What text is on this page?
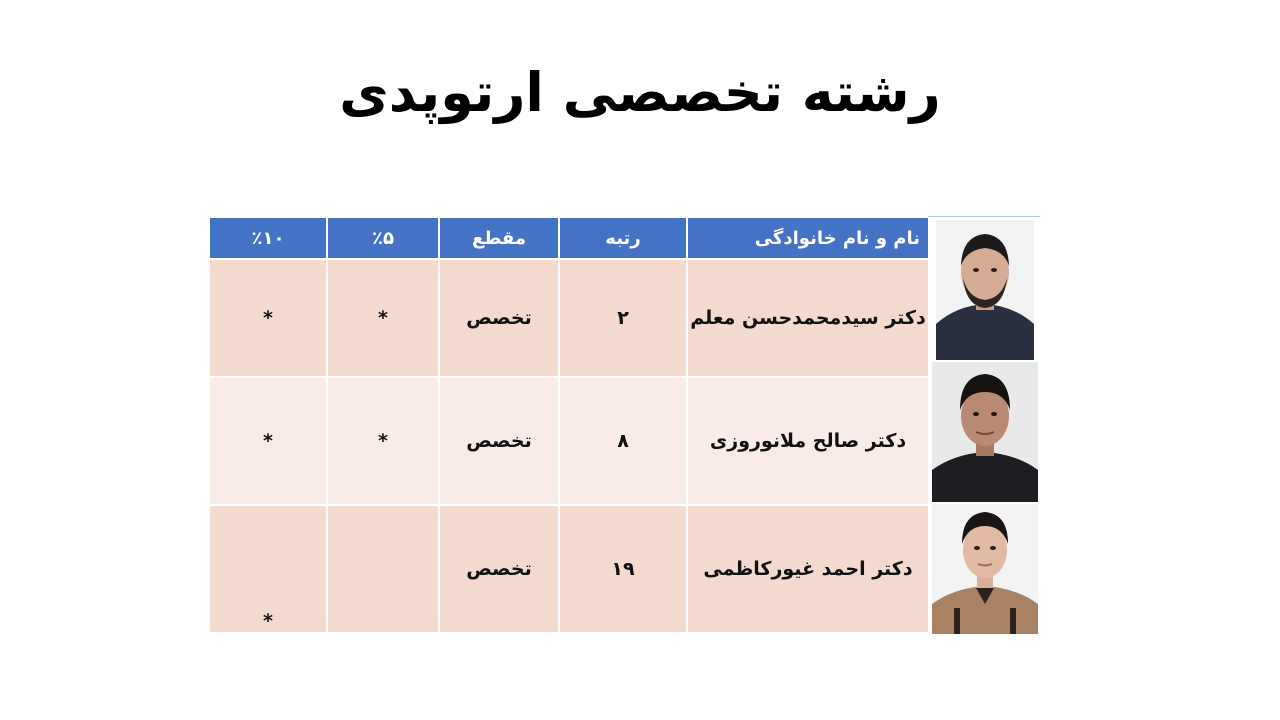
رشته تخصصی ارتوپدی
نام و نام خانوادگی	رتبه	مقطع	٪۵	٪۱۰
دکتر سیدمحمدحسن معلم	۲	تخصص	*	*
دکتر صالح ملانوروزی	۸	تخصص	*	*
دکتر احمد غیورکاظمی	۱۹	تخصص		*
